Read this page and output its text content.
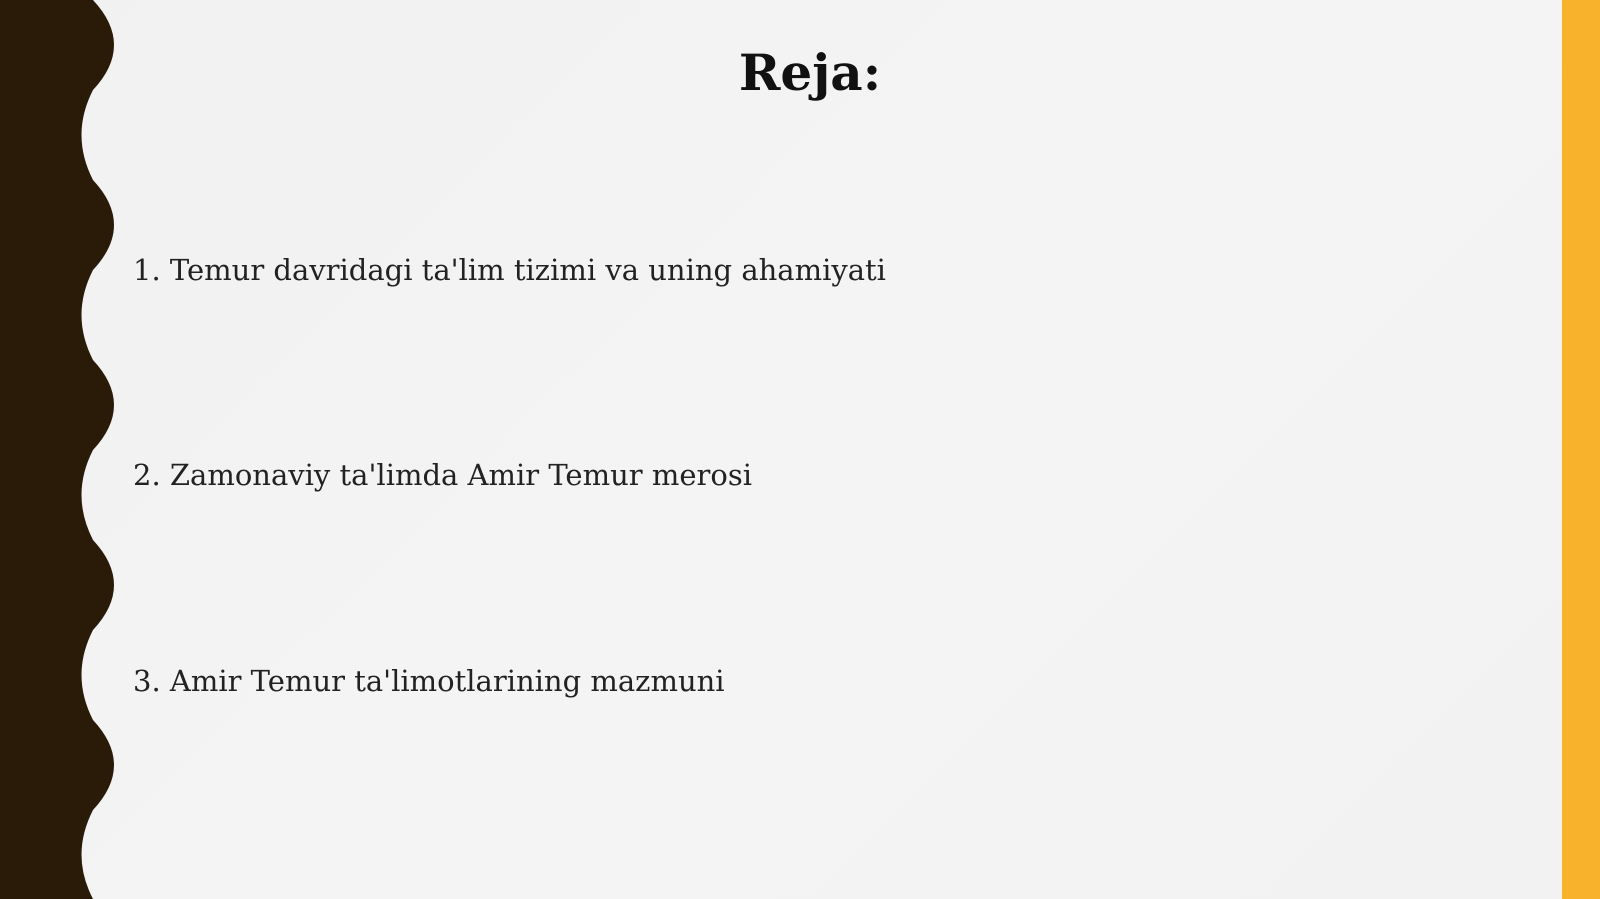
Reja:
1. Temur davridagi ta'lim tizimi va uning ahamiyati
2. Zamonaviy ta'limda Amir Temur merosi
3. Amir Temur ta'limotlarining mazmuni
